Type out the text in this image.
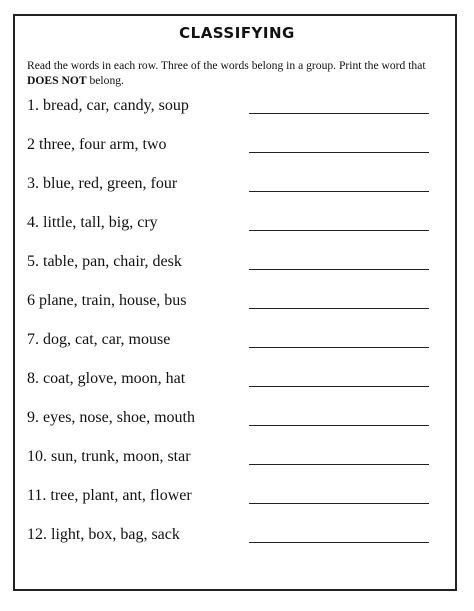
CLASSIFYING

Read the words in each row. Three of the words belong in a group. Print the word that DOES NOT belong.

1. bread, car, candy, soup
2 three, four arm, two
3. blue, red, green, four
4. little, tall, big, cry
5. table, pan, chair, desk
6 plane, train, house, bus
7. dog, cat, car, mouse
8. coat, glove, moon, hat
9. eyes, nose, shoe, mouth
10. sun, trunk, moon, star
11. tree, plant, ant, flower
12. light, box, bag, sack
